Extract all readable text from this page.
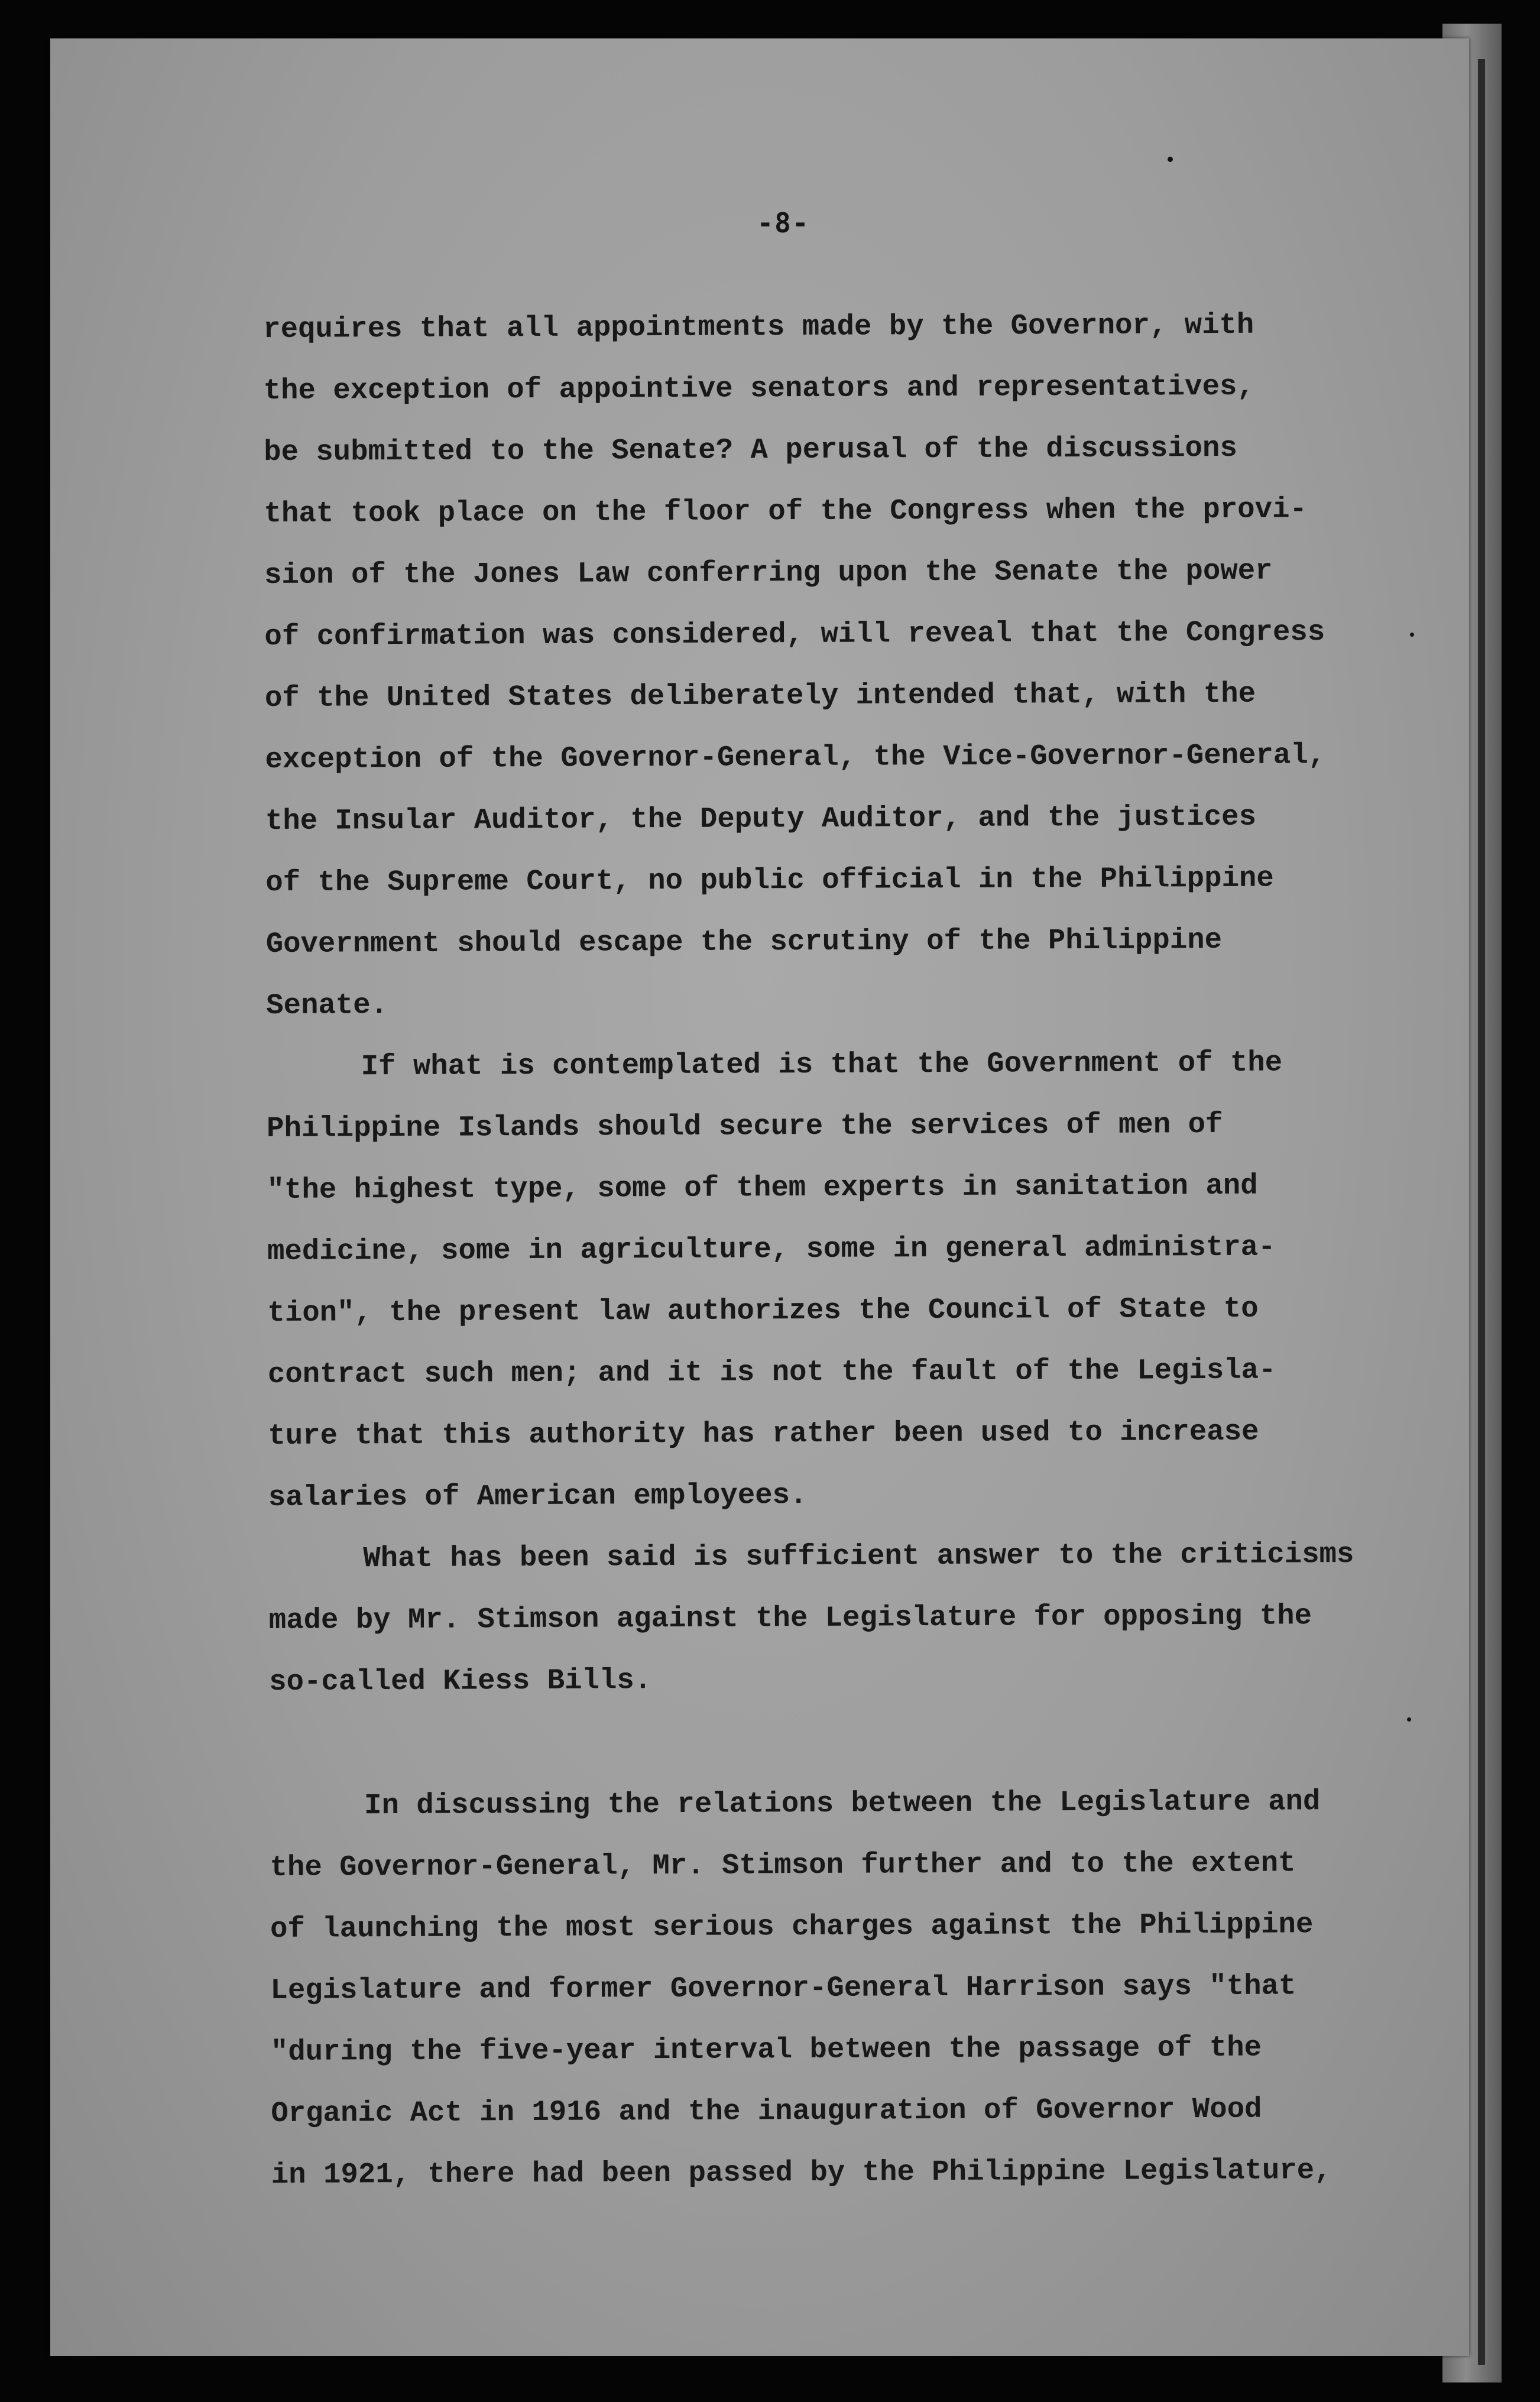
-8-
requires that all appointments made by the Governor, with
the exception of appointive senators and representatives,
be submitted to the Senate? A perusal of the discussions
that took place on the floor of the Congress when the provi-
sion of the Jones Law conferring upon the Senate the power
of confirmation was considered, will reveal that the Congress
of the United States deliberately intended that, with the
exception of the Governor-General, the Vice-Governor-General,
the Insular Auditor, the Deputy Auditor, and the justices
of the Supreme Court, no public official in the Philippine
Government should escape the scrutiny of the Philippine
Senate.
If what is contemplated is that the Government of the
Philippine Islands should secure the services of men of
"the highest type, some of them experts in sanitation and
medicine, some in agriculture, some in general administra-
tion", the present law authorizes the Council of State to
contract such men; and it is not the fault of the Legisla-
ture that this authority has rather been used to increase
salaries of American employees.
What has been said is sufficient answer to the criticisms
made by Mr. Stimson against the Legislature for opposing the
so-called Kiess Bills.
In discussing the relations between the Legislature and
the Governor-General, Mr. Stimson further and to the extent
of launching the most serious charges against the Philippine
Legislature and former Governor-General Harrison says "that
"during the five-year interval between the passage of the
Organic Act in 1916 and the inauguration of Governor Wood
in 1921, there had been passed by the Philippine Legislature,
